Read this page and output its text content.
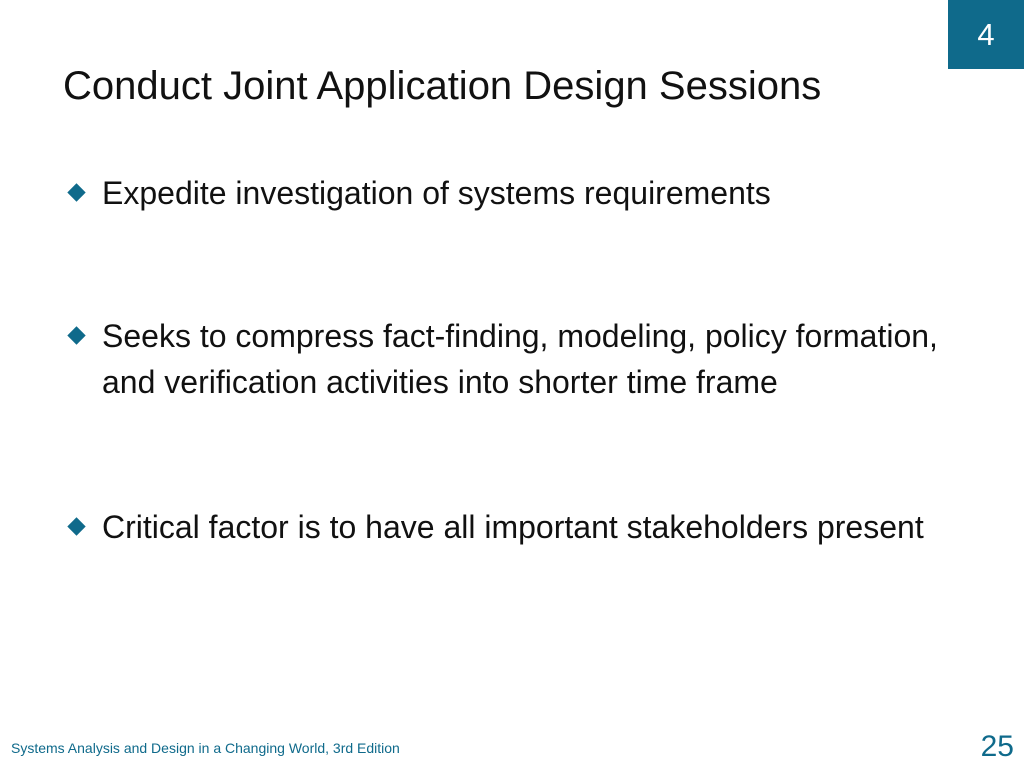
4
Conduct Joint Application Design Sessions
Expedite investigation of systems requirements
Seeks to compress fact-finding, modeling, policy formation, and verification activities into shorter time frame
Critical factor is to have all important stakeholders present
Systems Analysis and Design in a Changing World, 3rd Edition	25
